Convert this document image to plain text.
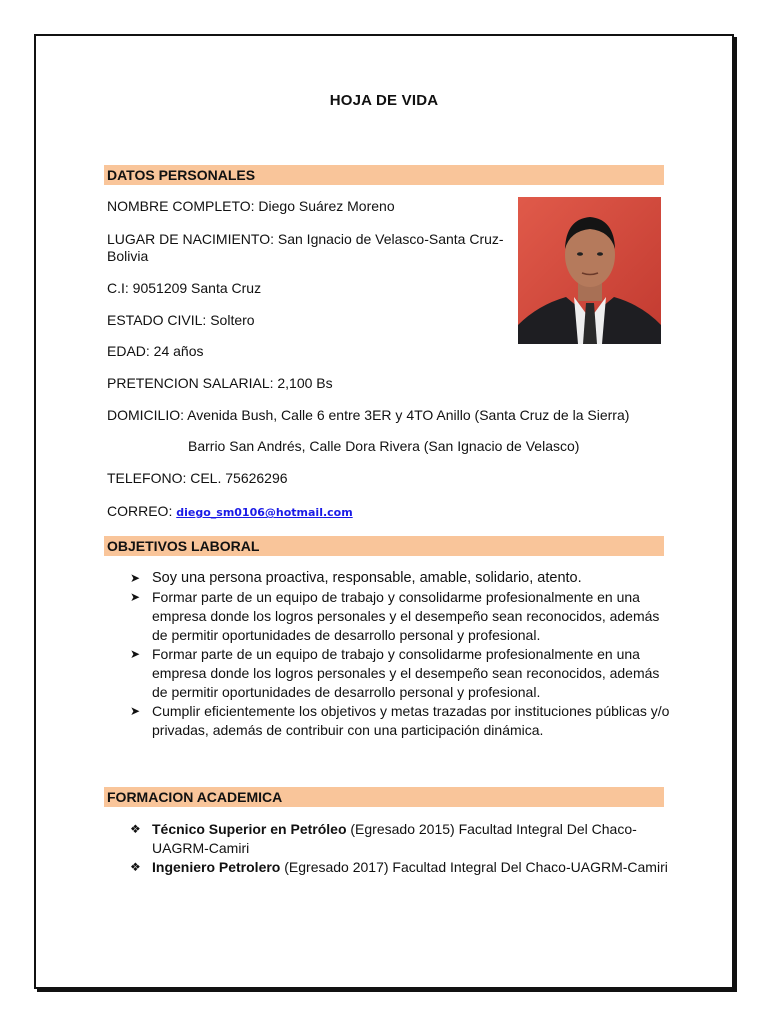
HOJA DE VIDA
DATOS PERSONALES
NOMBRE COMPLETO: Diego Suárez Moreno
LUGAR DE NACIMIENTO: San Ignacio de Velasco-Santa Cruz-Bolivia
C.I: 9051209 Santa Cruz
ESTADO CIVIL: Soltero
EDAD: 24 años
PRETENCION SALARIAL: 2,100 Bs
DOMICILIO: Avenida Bush, Calle 6 entre 3ER y 4TO Anillo (Santa Cruz de la Sierra)
Barrio San Andrés, Calle Dora Rivera (San Ignacio de Velasco)
TELEFONO: CEL. 75626296
CORREO: diego_sm0106@hotmail.com
OBJETIVOS LABORAL
➤ Soy una persona proactiva, responsable, amable, solidario, atento.
➤ Formar parte de un equipo de trabajo y consolidarme profesionalmente en una empresa donde los logros personales y el desempeño sean reconocidos, además de permitir oportunidades de desarrollo personal y profesional.
➤ Formar parte de un equipo de trabajo y consolidarme profesionalmente en una empresa donde los logros personales y el desempeño sean reconocidos, además de permitir oportunidades de desarrollo personal y profesional.
➤ Cumplir eficientemente los objetivos y metas trazadas por instituciones públicas y/o privadas, además de contribuir con una participación dinámica.
FORMACION ACADEMICA
❖ Técnico Superior en Petróleo (Egresado 2015) Facultad Integral Del Chaco-UAGRM-Camiri
❖ Ingeniero Petrolero (Egresado 2017) Facultad Integral Del Chaco-UAGRM-Camiri
